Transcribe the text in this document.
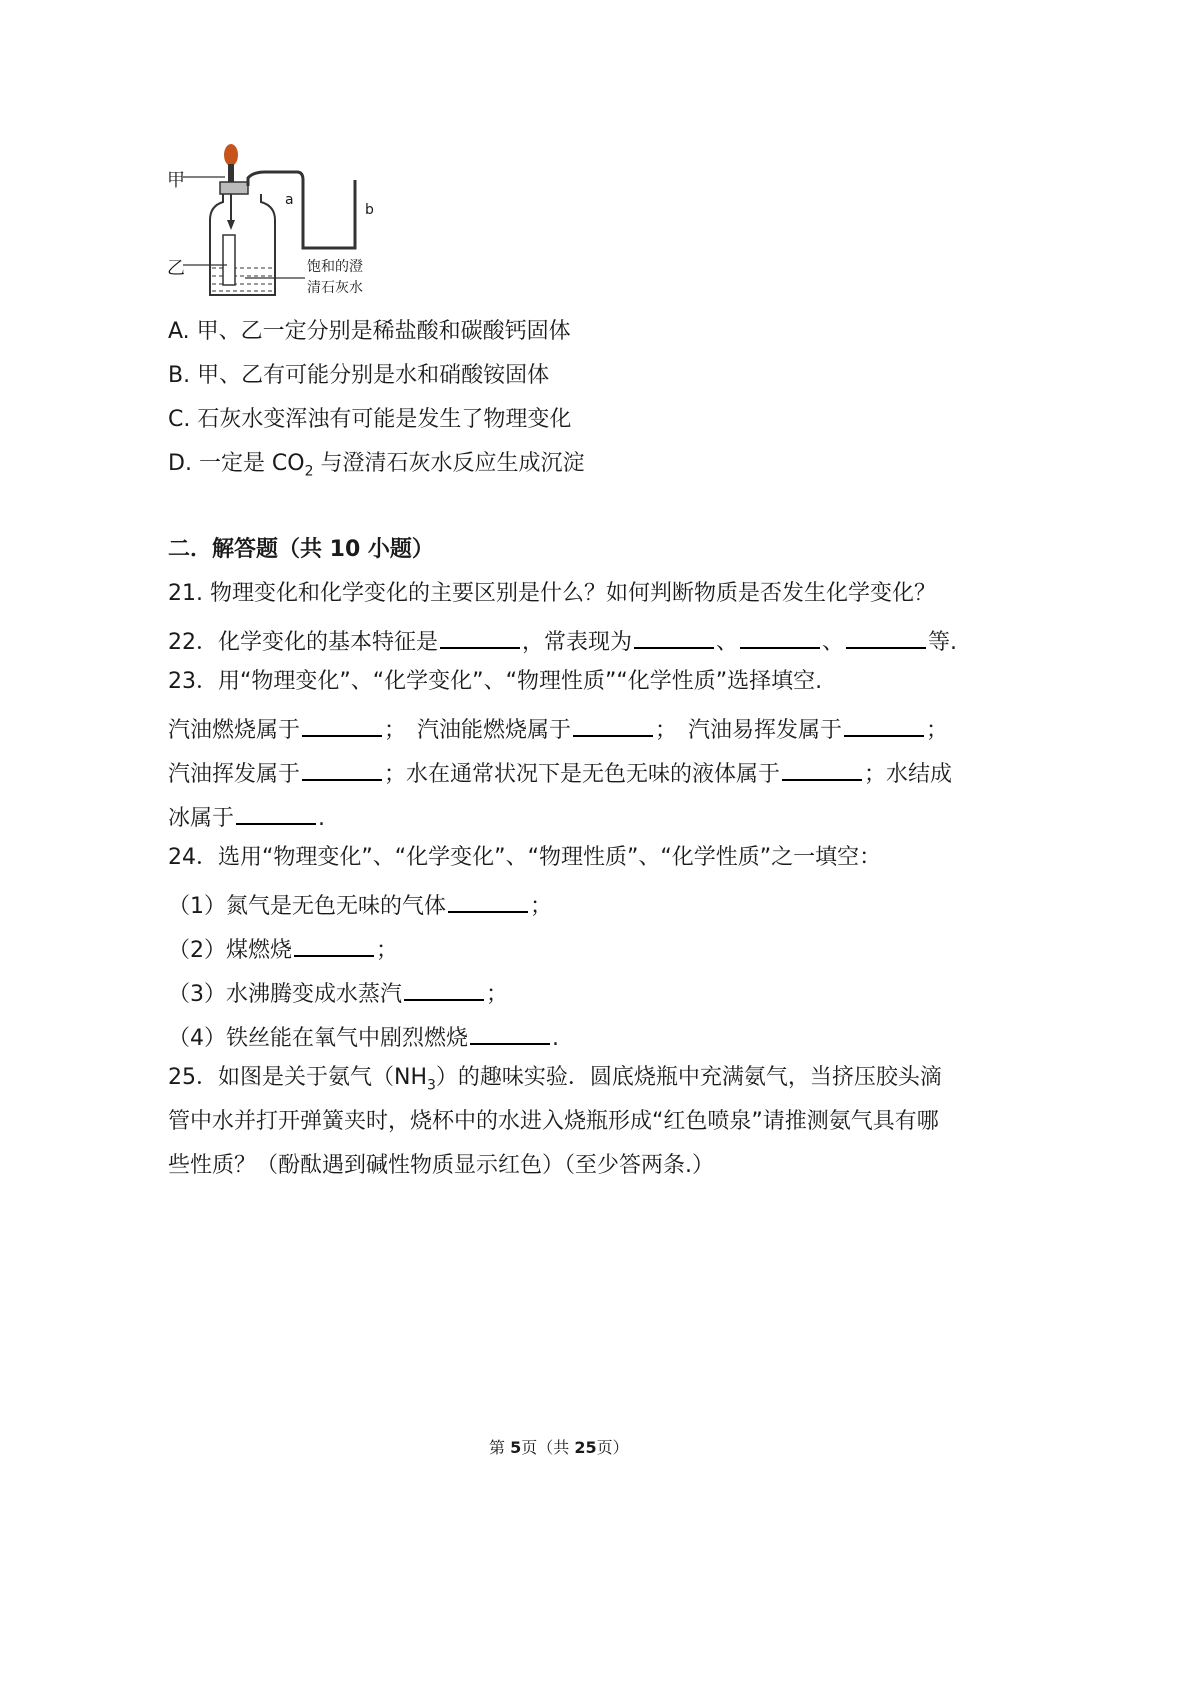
甲
乙
a
b
饱和的澄
清石灰水
A. 甲、乙一定分别是稀盐酸和碳酸钙固体
B. 甲、乙有可能分别是水和硝酸铵固体
C. 石灰水变浑浊有可能是发生了物理变化
D. 一定是 $CO_2$ 与澄清石灰水反应生成沉淀
二．解答题（共 10 小题）
21. 物理变化和化学变化的主要区别是什么？如何判断物质是否发生化学变化？
22．化学变化的基本特征是	，常表现为	、	、	等.
23．用“物理变化”、“化学变化”、“物理性质”“化学性质”选择填空.
汽油燃烧属于	；　汽油能燃烧属于	；　汽油易挥发属于	；
汽油挥发属于	；水在通常状况下是无色无味的液体属于	；水结成
冰属于	.
24．选用“物理变化”、“化学变化”、“物理性质”、“化学性质”之一填空：
（1）氮气是无色无味的气体	；
（2）煤燃烧	；
（3）水沸腾变成水蒸汽	；
（4）铁丝能在氧气中剧烈燃烧	.
25．如图是关于氨气$(NH_3)$的趣味实验．圆底烧瓶中充满氨气，当挤压胶头滴
管中水并打开弹簧夹时，烧杯中的水进入烧瓶形成“红色喷泉”请推测氨气具有哪
些性质？（酚酞遇到碱性物质显示红色）（至少答两条.）
第 5页（共 25页）
